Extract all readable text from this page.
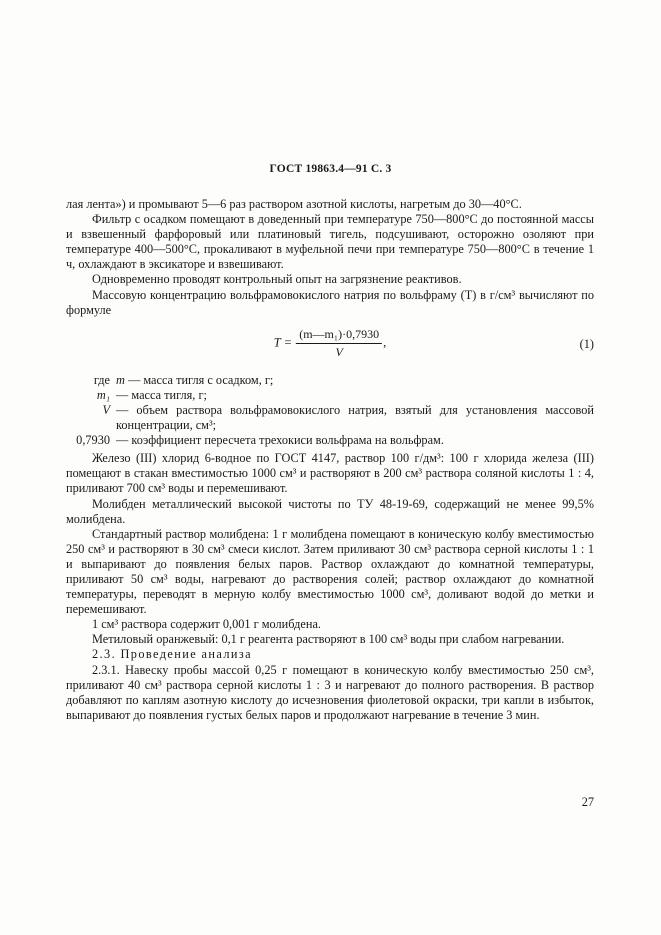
ГОСТ 19863.4—91 С. 3

лая лента») и промывают 5—6 раз раствором азотной кислоты, нагретым до 30—40°С.

Фильтр с осадком помещают в доведенный при температуре 750—800°С до постоянной массы и взвешенный фарфоровый или платиновый тигель, подсушивают, осторожно озоляют при температуре 400—500°С, прокаливают в муфельной печи при температуре 750—800°С в течение 1 ч, охлаждают в эксикаторе и взвешивают.

Одновременно проводят контрольный опыт на загрязнение реактивов.

Массовую концентрацию вольфрамовокислого натрия по вольфраму (T) в г/см³ вычисляют по формуле

$T = \frac{\text{(m—m₁)·0,7930}}{V}$ ,	(1)
где m — масса тигля с осадком, г;
m₁ — масса тигля, г;
V — объем раствора вольфрамовокислого натрия, взятый для установления массовой концентрации, см³;
0,7930 — коэффициент пересчета трехокиси вольфрама на вольфрам.

Железо (III) хлорид 6-водное по ГОСТ 4147, раствор 100 г/дм³: 100 г хлорида железа (III) помещают в стакан вместимостью 1000 см³ и растворяют в 200 см³ раствора соляной кислоты 1 : 4, приливают 700 см³ воды и перемешивают.

Молибден металлический высокой чистоты по ТУ 48-19-69, содержащий не менее 99,5% молибдена.

Стандартный раствор молибдена: 1 г молибдена помещают в коническую колбу вместимостью 250 см³ и растворяют в 30 см³ смеси кислот. Затем приливают 30 см³ раствора серной кислоты 1 : 1 и выпаривают до появления белых паров. Раствор охлаждают до комнатной температуры, приливают 50 см³ воды, нагревают до растворения солей; раствор охлаждают до комнатной температуры, переводят в мерную колбу вместимостью 1000 см³, доливают водой до метки и перемешивают.

1 см³ раствора содержит 0,001 г молибдена.

Метиловый оранжевый: 0,1 г реагента растворяют в 100 см³ воды при слабом нагревании.

2.3. Проведение анализа

2.3.1. Навеску пробы массой 0,25 г помещают в коническую колбу вместимостью 250 см³, приливают 40 см³ раствора серной кислоты 1 : 3 и нагревают до полного растворения. В раствор добавляют по каплям азотную кислоту до исчезновения фиолетовой окраски, три капли в избыток, выпаривают до появления густых белых паров и продолжают нагревание в течение 3 мин.

27
